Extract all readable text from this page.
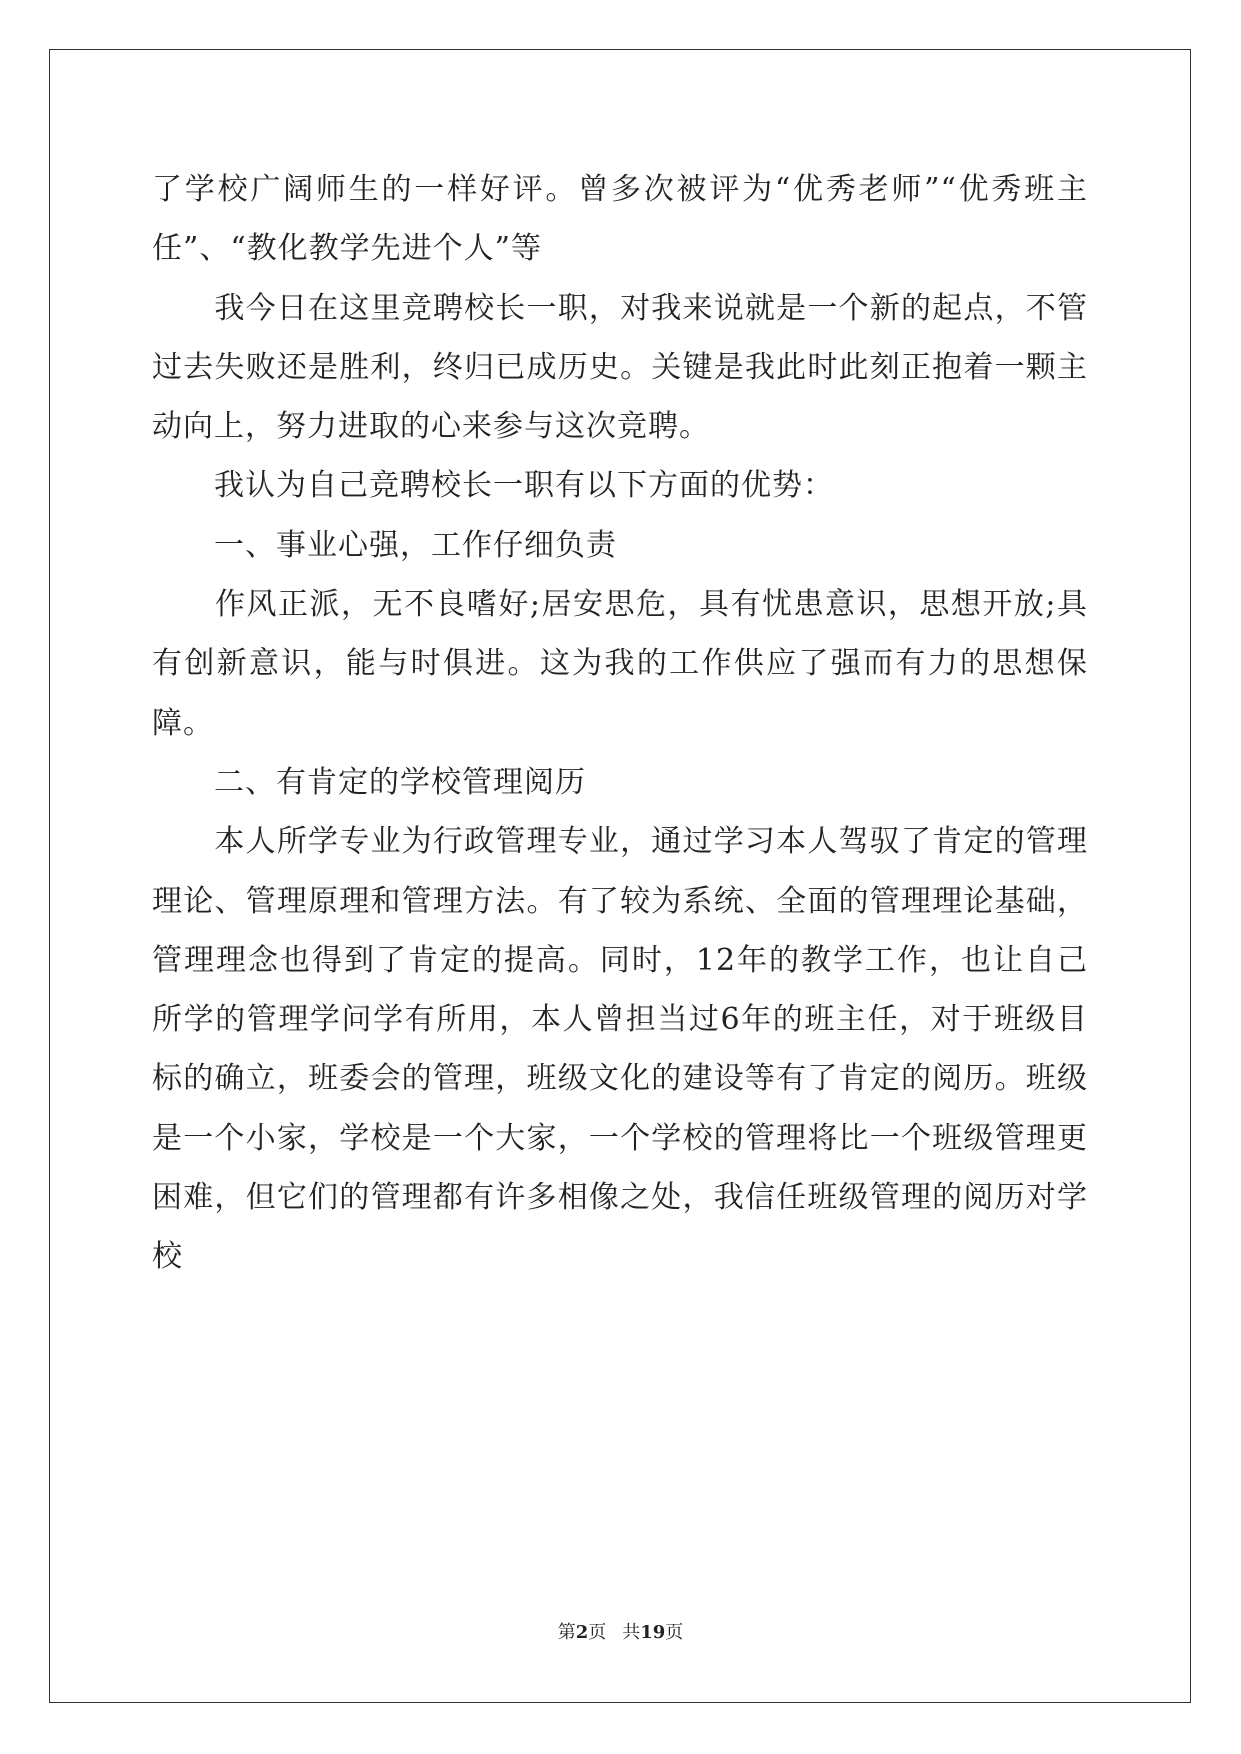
了学校广阔师生的一样好评。曾多次被评为“优秀老师”“优秀班主任”、“教化教学先进个人”等

　　我今日在这里竞聘校长一职，对我来说就是一个新的起点，不管过去失败还是胜利，终归已成历史。关键是我此时此刻正抱着一颗主动向上，努力进取的心来参与这次竞聘。

　　我认为自己竞聘校长一职有以下方面的优势：

　　一、事业心强，工作仔细负责

　　作风正派，无不良嗜好;居安思危，具有忧患意识，思想开放;具有创新意识，能与时俱进。这为我的工作供应了强而有力的思想保障。

　　二、有肯定的学校管理阅历

　　本人所学专业为行政管理专业，通过学习本人驾驭了肯定的管理理论、管理原理和管理方法。有了较为系统、全面的管理理论基础，管理理念也得到了肯定的提高。同时，12年的教学工作，也让自己所学的管理学问学有所用，本人曾担当过6年的班主任，对于班级目标的确立，班委会的管理，班级文化的建设等有了肯定的阅历。班级是一个小家，学校是一个大家，一个学校的管理将比一个班级管理更困难，但它们的管理都有许多相像之处，我信任班级管理的阅历对学校

第2页 共19页
